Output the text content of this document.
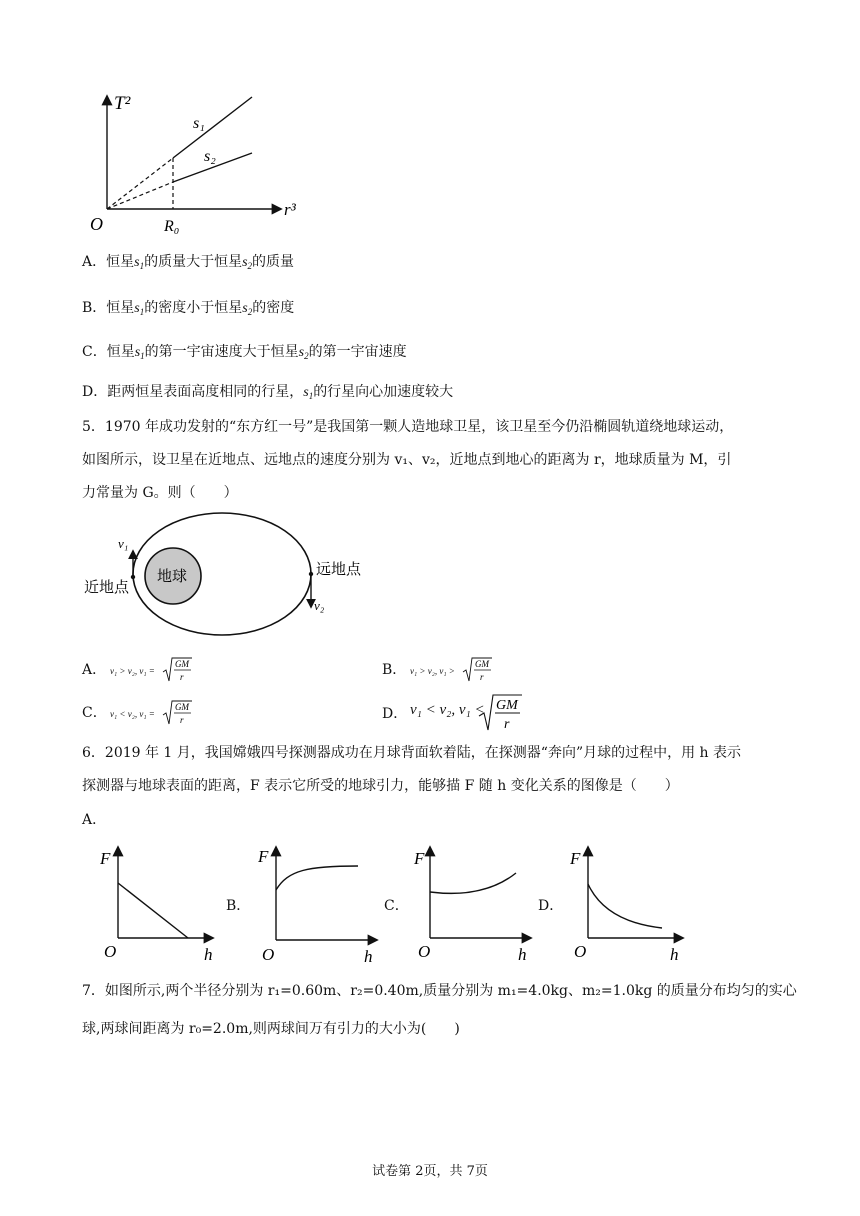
T²
r³
O	R₀
s₁
s₂
A．恒星$s_1$的质量大于恒星$s_2$的质量
B．恒星$s_1$的密度小于恒星$s_2$的密度
C．恒星$s_1$的第一宇宙速度大于恒星$s_2$的第一宇宙速度
D．距两恒星表面高度相同的行星，$s_1$的行星向心加速度较大
5．1970 年成功发射的“东方红一号”是我国第一颗人造地球卫星，该卫星至今仍沿椭圆轨道绕地球运动，
如图所示，设卫星在近地点、远地点的速度分别为 v₁、v₂，近地点到地心的距离为 r，地球质量为 M，引
力常量为 G。则（　　）
地球
v₁
v₂
近地点
远地点
A． v₁ > v₂, v₁ =
GM
r	B． v₁ > v₂, v₁ >
GM
r
C． v₁ < v₂, v₁ =
GM
r	D． v₁ < v₂, v₁ < GM
r
6．2019 年 1 月，我国嫦娥四号探测器成功在月球背面软着陆，在探测器“奔向”月球的过程中，用 h 表示
探测器与地球表面的距离，F 表示它所受的地球引力，能够描 F 随 h 变化关系的图像是（　　）
A．
F
O	h
B．
F
O	h
C．
F
O	h
D．
F
O	h
7．如图所示,两个半径分别为 r₁=0.60m、r₂=0.40m,质量分别为 m₁=4.0kg、m₂=1.0kg 的质量分布均匀的实心
球,两球间距离为 r₀=2.0m,则两球间万有引力的大小为(　　)
试卷第 2页，共 7页
